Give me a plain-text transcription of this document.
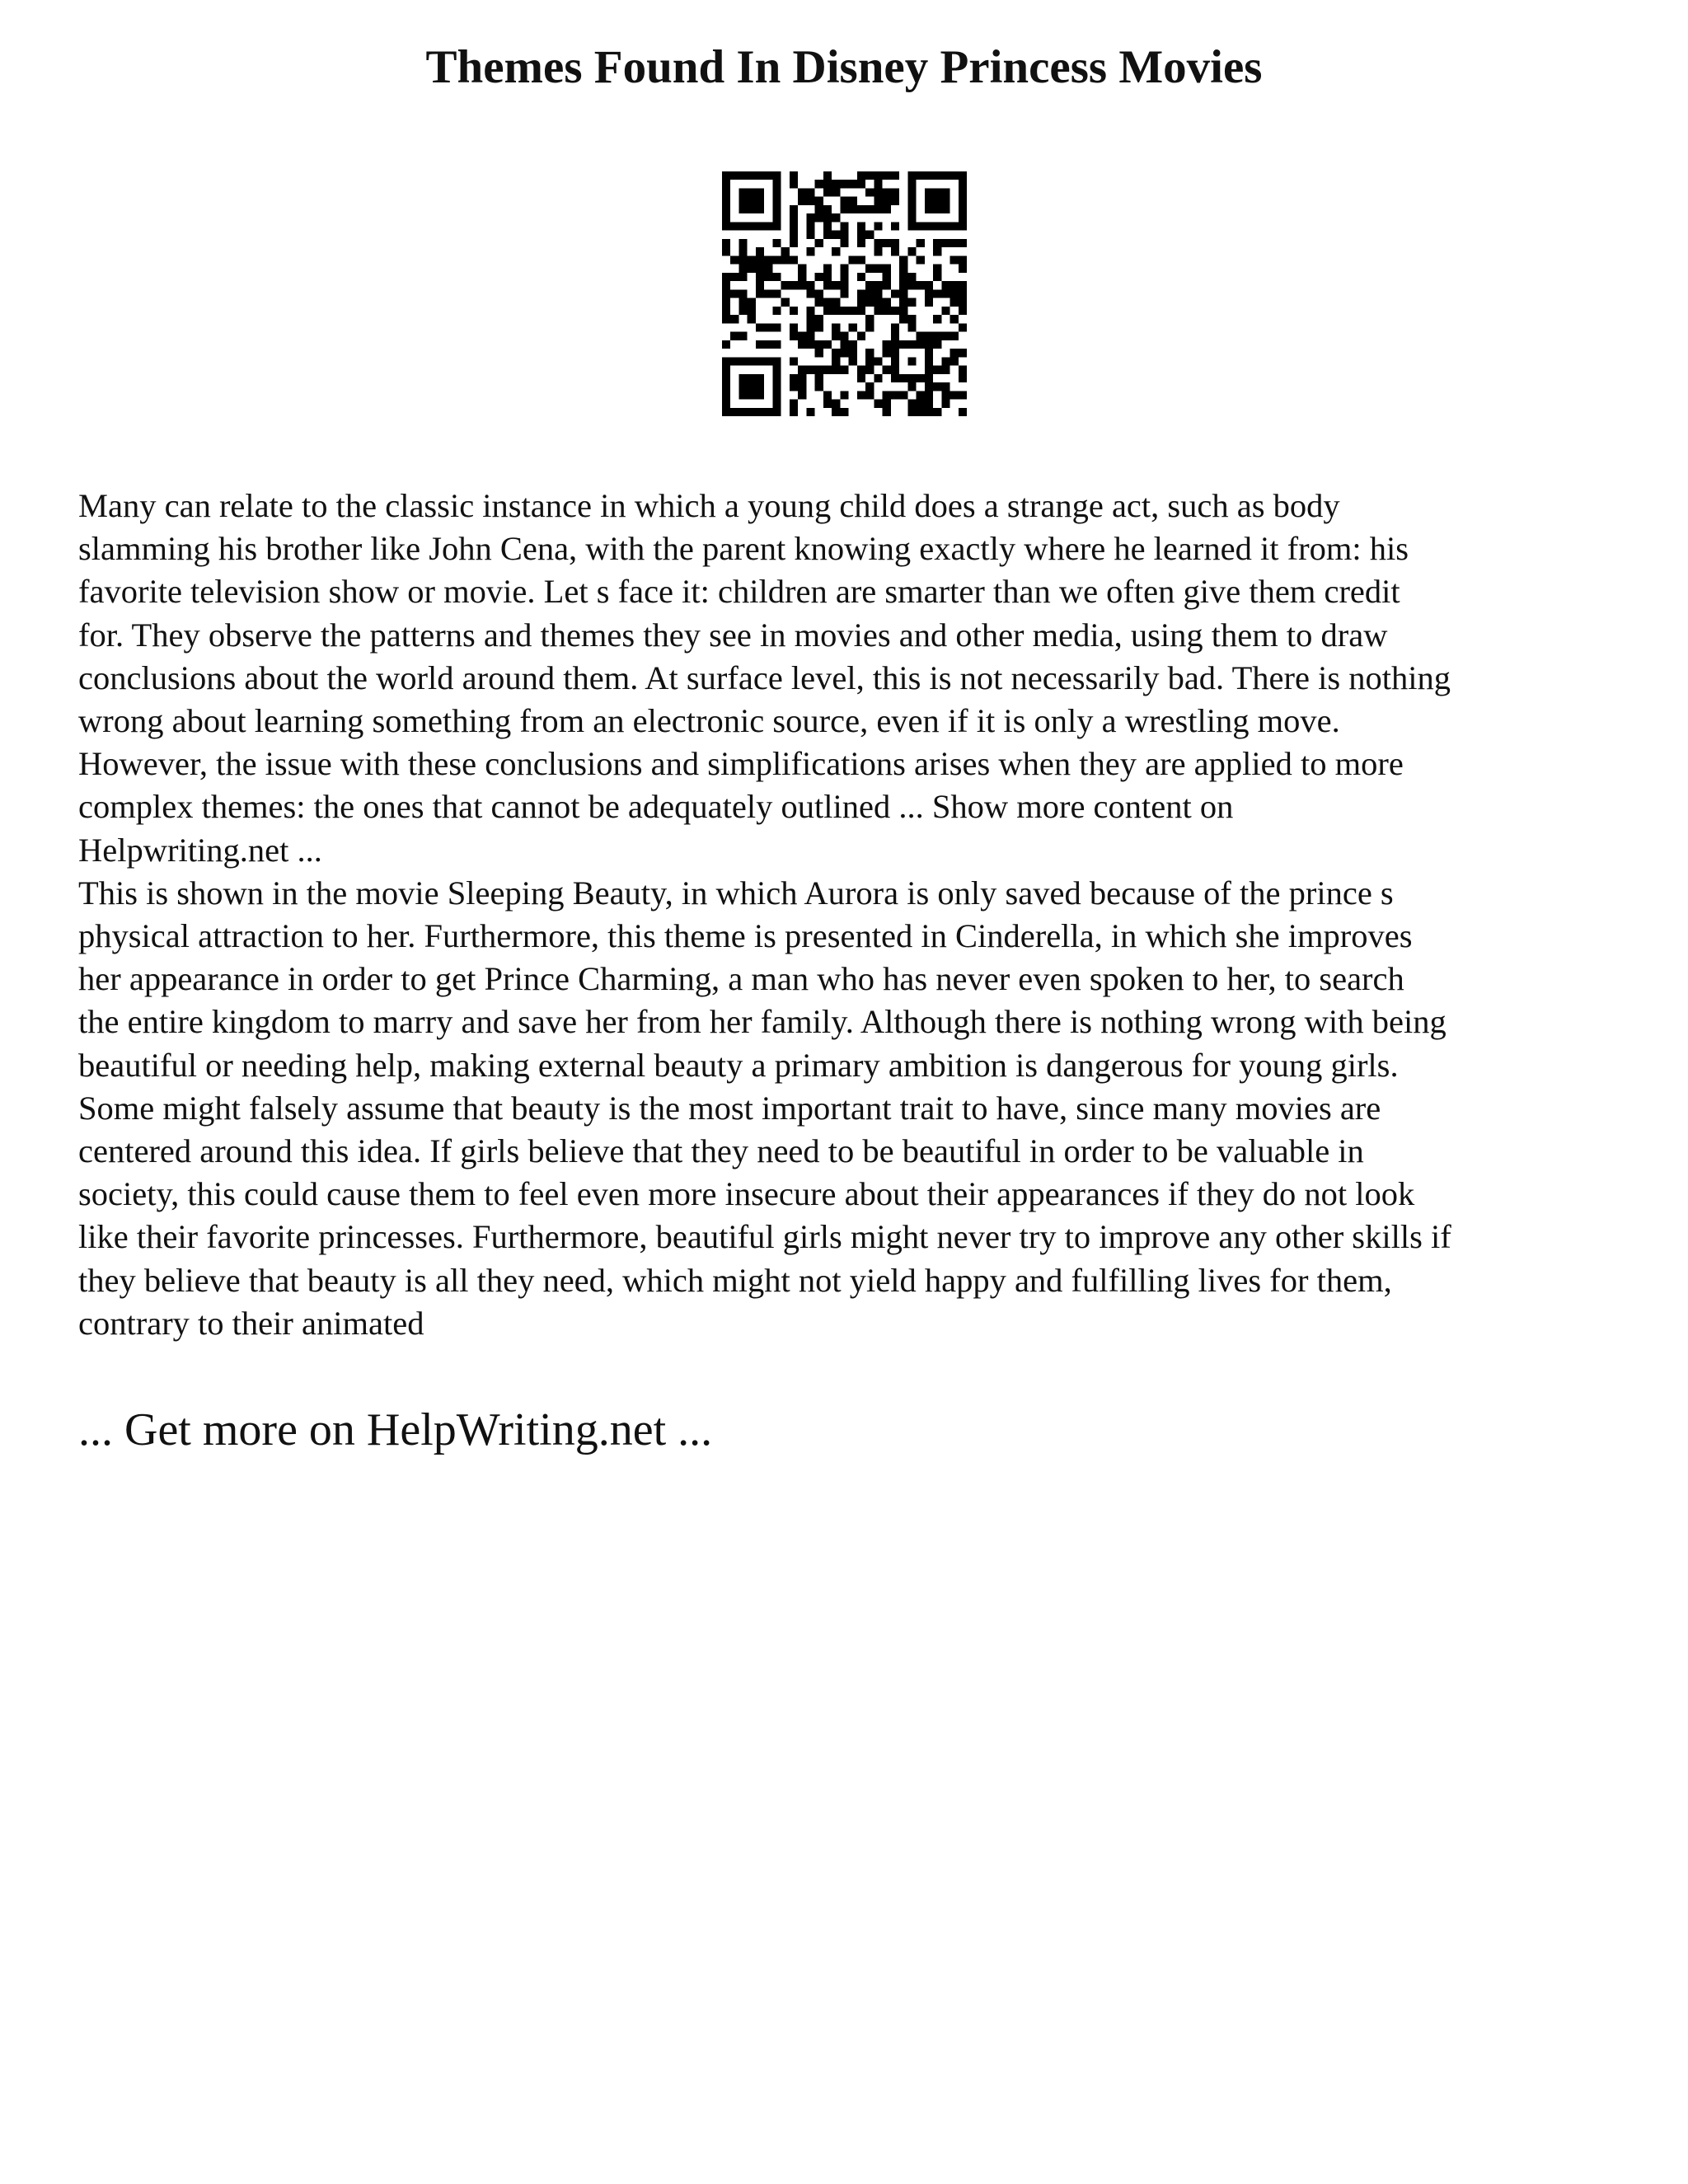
Themes Found In Disney Princess Movies

Many can relate to the classic instance in which a young child does a strange act, such as body
slamming his brother like John Cena, with the parent knowing exactly where he learned it from: his
favorite television show or movie. Let s face it: children are smarter than we often give them credit
for. They observe the patterns and themes they see in movies and other media, using them to draw
conclusions about the world around them. At surface level, this is not necessarily bad. There is nothing
wrong about learning something from an electronic source, even if it is only a wrestling move.
However, the issue with these conclusions and simplifications arises when they are applied to more
complex themes: the ones that cannot be adequately outlined ... Show more content on
Helpwriting.net ...

This is shown in the movie Sleeping Beauty, in which Aurora is only saved because of the prince s
physical attraction to her. Furthermore, this theme is presented in Cinderella, in which she improves
her appearance in order to get Prince Charming, a man who has never even spoken to her, to search
the entire kingdom to marry and save her from her family. Although there is nothing wrong with being
beautiful or needing help, making external beauty a primary ambition is dangerous for young girls.
Some might falsely assume that beauty is the most important trait to have, since many movies are
centered around this idea. If girls believe that they need to be beautiful in order to be valuable in
society, this could cause them to feel even more insecure about their appearances if they do not look
like their favorite princesses. Furthermore, beautiful girls might never try to improve any other skills if
they believe that beauty is all they need, which might not yield happy and fulfilling lives for them,
contrary to their animated

... Get more on HelpWriting.net ...
